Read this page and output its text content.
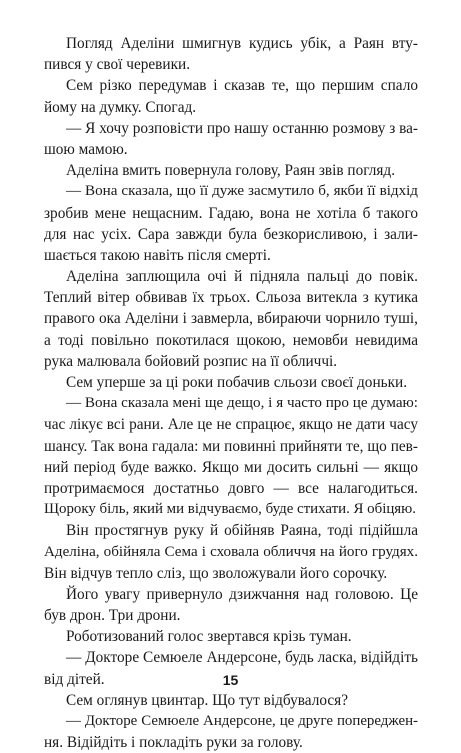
Погляд Аделіни шмигнув кудись убік, а Раян вту-
пився у свої черевики.
Сем різко передумав і сказав те, що першим спало
йому на думку. Спогад.
— Я хочу розповісти про нашу останню розмову з ва-
шою мамою.
Аделіна вмить повернула голову, Раян звів погляд.
— Вона сказала, що її дуже засмутило б, якби її відхід
зробив мене нещасним. Гадаю, вона не хотіла б такого
для нас усіх. Сара завжди була безкорисливою, і зали-
шається такою навіть після смерті.
Аделіна заплющила очі й підняла пальці до повік.
Теплий вітер обвивав їх трьох. Сльоза витекла з кутика
правого ока Аделіни і завмерла, вбираючи чорнило туші,
а тоді повільно покотилася щокою, немовби невидима
рука малювала бойовий розпис на її обличчі.
Сем уперше за ці роки побачив сльози своєї доньки.
— Вона сказала мені ще дещо, і я часто про це думаю:
час лікує всі рани. Але це не спрацює, якщо не дати часу
шансу. Так вона гадала: ми повинні прийняти те, що пев-
ний період буде важко. Якщо ми досить сильні — якщо
протримаємося достатньо довго — все налагодиться.
Щороку біль, який ми відчуваємо, буде стихати. Я обіцяю.
Він простягнув руку й обійняв Раяна, тоді підійшла
Аделіна, обійняла Сема і сховала обличчя на його грудях.
Він відчув тепло сліз, що зволожували його сорочку.
Його увагу привернуло дзижчання над головою. Це
був дрон. Три дрони.
Роботизований голос звертався крізь туман.
— Докторе Семюеле Андерсоне, будь ласка, відійдіть
від дітей.
Сем оглянув цвинтар. Що тут відбувалося?
— Докторе Семюеле Андерсоне, це друге попереджен-
ня. Відійдіть і покладіть руки за голову.
15
